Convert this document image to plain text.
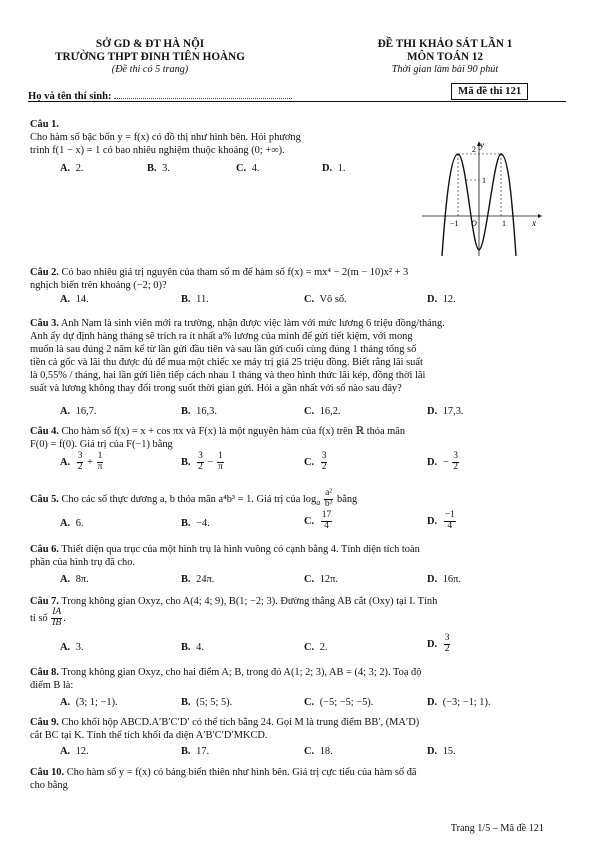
SỞ GD & ĐT HÀ NỘI
TRƯỜNG THPT ĐINH TIÊN HOÀNG
(Đề thi có 5 trang)
ĐỀ THI KHẢO SÁT LẦN 1
MÔN TOÁN 12
Thời gian làm bài 90 phút
Họ và tên thí sinh:	Mã đề thi 121
Câu 1.
Cho hàm số bậc bốn y = f(x) có đồ thị như hình bên. Hỏi phương
trình f(1 − x) = 1 có bao nhiêu nghiệm thuộc khoảng (0; +∞).
A. 2.	B. 3.	C. 4.	D. 1.
y
x
2
1
−1 O	1
Câu 2. Có bao nhiêu giá trị nguyên của tham số m để hàm số f(x) = mx⁴ − 2(m − 10)x² + 3
nghịch biến trên khoảng (−2; 0)?
A. 14.	B. 11.	C. Vô số.	D. 12.
Câu 3. Anh Nam là sinh viên mới ra trường, nhận được việc làm với mức lương 6 triệu đồng/tháng.
Anh ấy dự định hàng tháng sẽ trích ra ít nhất a% lương của mình để gửi tiết kiệm, với mong
muốn là sau đúng 2 năm kể từ lần gửi đầu tiên và sau lần gửi cuối cùng đúng 1 tháng tổng số
tiền cả gốc và lãi thu được đủ để mua một chiếc xe máy trị giá 25 triệu đồng. Biết rằng lãi suất
là 0,55% / tháng, hai lần gửi liên tiếp cách nhau 1 tháng và theo hình thức lãi kép, đồng thời lãi
suất và lương không thay đổi trong suốt thời gian gửi. Hỏi a gần nhất với số nào sau đây?
A. 16,7.	B. 16,3.	C. 16,2.	D. 17,3.
Câu 4. Cho hàm số f(x) = x + cos πx và F(x) là một nguyên hàm của f(x) trên ℝ thỏa mãn
F(0) = f(0). Giá trị của F(−1) bằng
A. $\frac{3}{2} + \frac{1}{\pi}$	B. $\frac{3}{2} - \frac{1}{\pi}$	C. $\frac{3}{2}$	D. − $\frac{3}{2}$
Câu 5. Cho các số thực dương a, b thỏa mãn a⁴b³ = 1. Giá trị của $\log_a \frac{\text{a²}}{\text{b³}}$ bằng
A. 6.	B. −4.	C. $\frac{17}{4}$	D. $\frac{-1}{4}$
Câu 6. Thiết diện qua trục của một hình trụ là hình vuông có cạnh bằng 4. Tính diện tích toàn
phần của hình trụ đã cho.
A. 8π.	B. 24π.	C. 12π.	D. 16π.
Câu 7. Trong không gian Oxyz, cho A(4; 4; 9), B(1; −2; 3). Đường thẳng AB cắt (Oxy) tại I. Tính
tỉ số $\frac{IA}{IB}$ .
A. 3.	B. 4.	C. 2.	D. $\frac{3}{2}$
Câu 8. Trong không gian Oxyz, cho hai điểm A; B, trong đó A(1; 2; 3), AB = (4; 3; 2). Toạ độ
điểm B là:
A. (3; 1; −1).	B. (5; 5; 5).	C. (−5; −5; −5).	D. (−3; −1; 1).
Câu 9. Cho khối hộp ABCD.A′B′C′D′ có thể tích bằng 24. Gọi M là trung điểm BB′, (MA′D)
cắt BC tại K. Tính thể tích khối đa diện A′B′C′D′MKCD.
A. 12.	B. 17.	C. 18.	D. 15.
Câu 10. Cho hàm số y = f(x) có bảng biến thiên như hình bên. Giá trị cực tiểu của hàm số đã
cho bằng
Trang 1/5 – Mã đề 121
